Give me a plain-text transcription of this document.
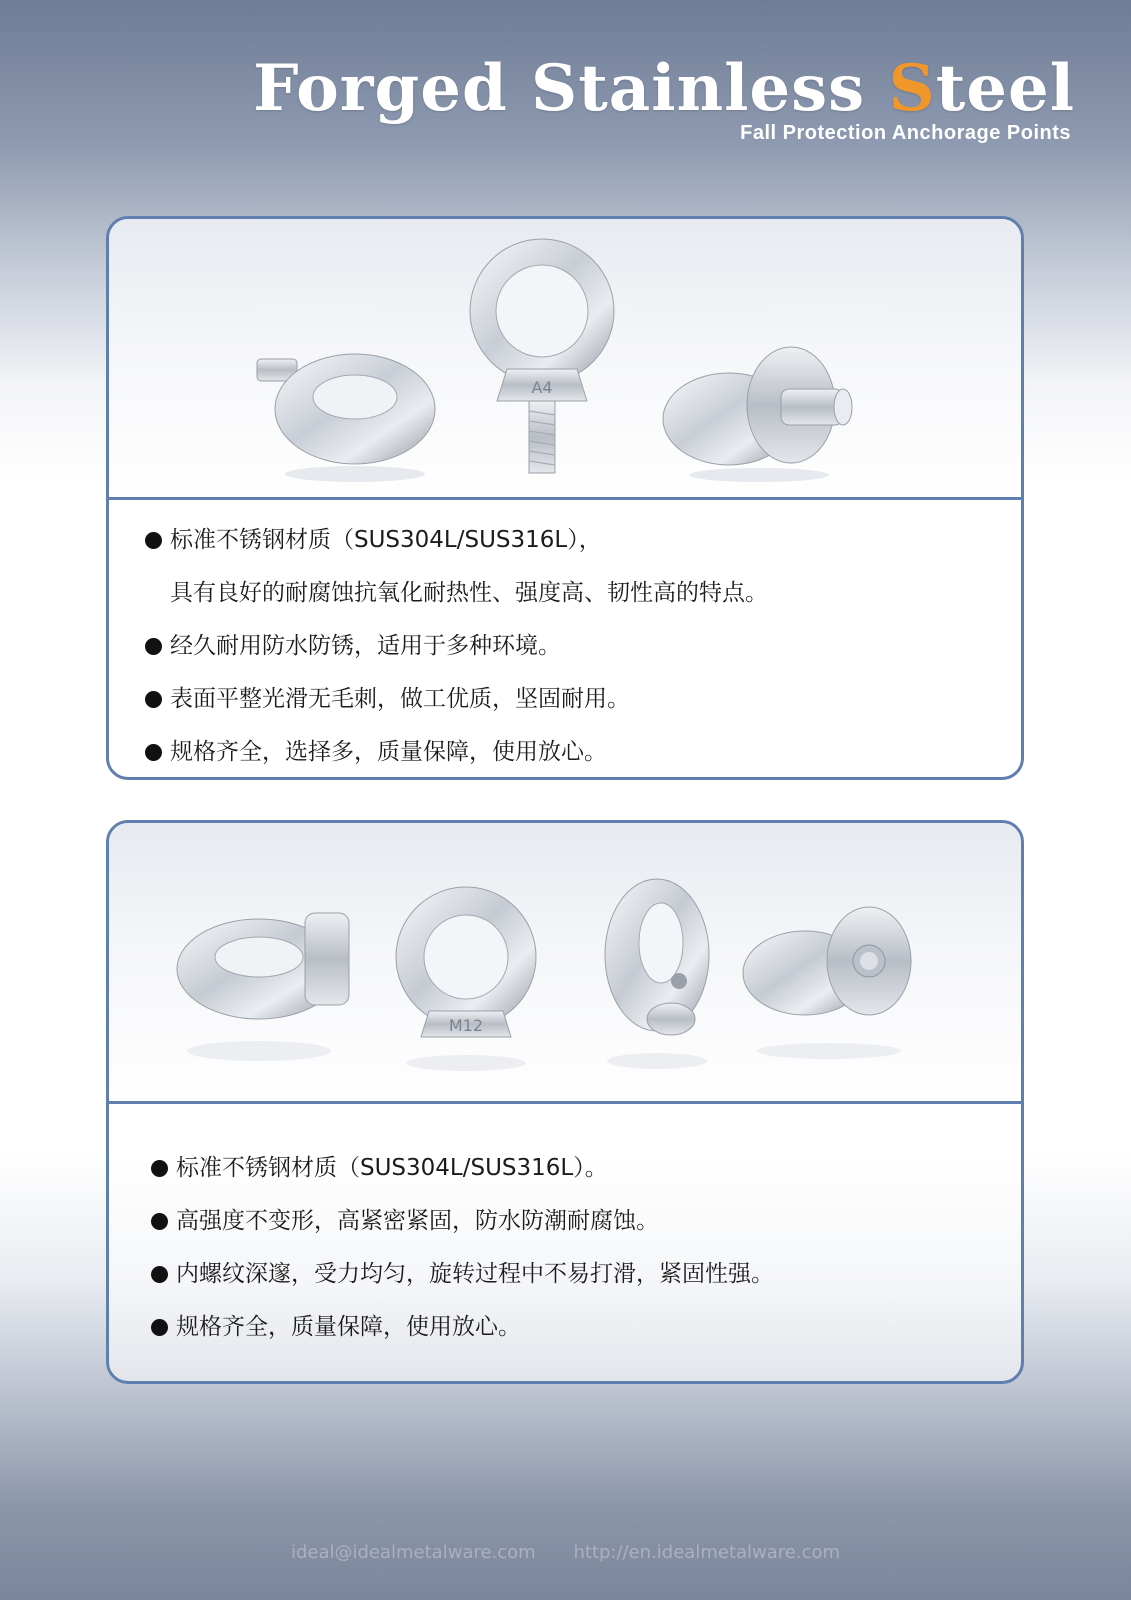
Forged Stainless Steel
Fall Protection Anchorage Points
A4
标准不锈钢材质（SUS304L/SUS316L），
具有良好的耐腐蚀抗氧化耐热性、强度高、韧性高的特点。
经久耐用防水防锈，适用于多种环境。
表面平整光滑无毛刺，做工优质，坚固耐用。
规格齐全，选择多，质量保障，使用放心。
M12
标准不锈钢材质（SUS304L/SUS316L）。
高强度不变形，高紧密紧固，防水防潮耐腐蚀。
内螺纹深邃，受力均匀，旋转过程中不易打滑，紧固性强。
规格齐全，质量保障，使用放心。
ideal@idealmetalware.com http://en.idealmetalware.com
